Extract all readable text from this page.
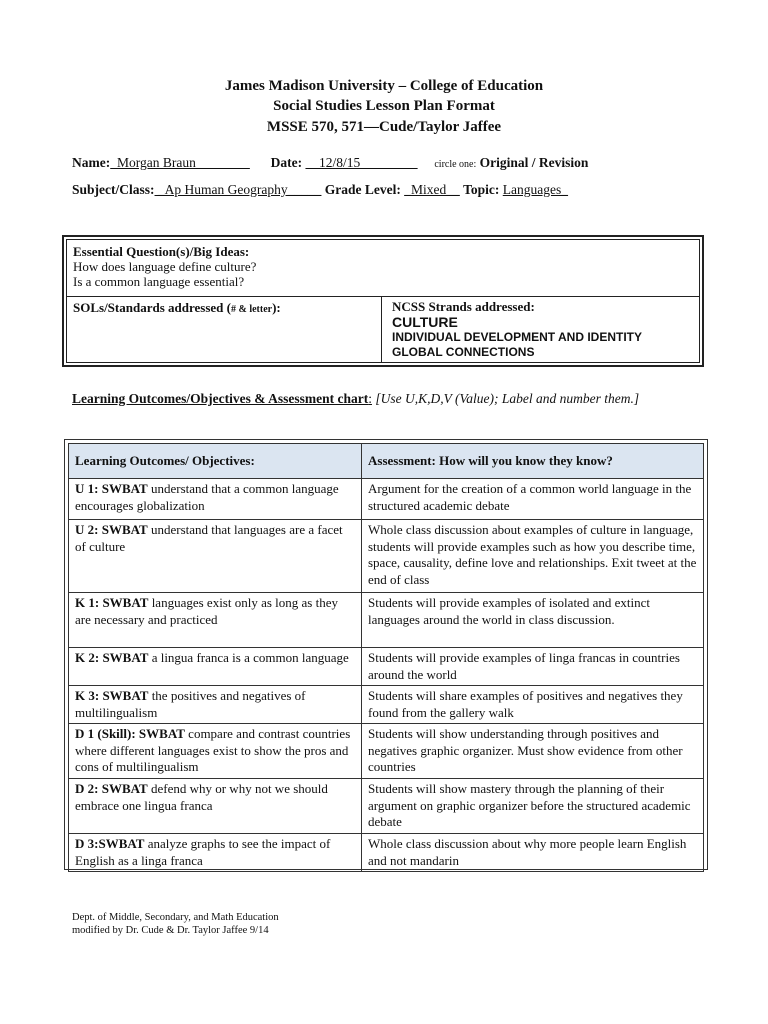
James Madison University – College of Education
Social Studies Lesson Plan Format
MSSE 570, 571—Cude/Taylor Jaffee
Name:  Morgan Braun                  Date:     12/8/15                   circle one: Original / Revision
Subject/Class: _Ap Human Geography_____ Grade Level: _Mixed__ Topic: Languages_
Essential Question(s)/Big Ideas:
How does language define culture?
Is a common language essential?
SOLs/Standards addressed (# & letter):	NCSS Strands addressed:
CULTURE
INDIVIDUAL DEVELOPMENT AND IDENTITY
GLOBAL CONNECTIONS
Learning Outcomes/Objectives & Assessment chart: [Use U,K,D,V (Value); Label and number them.]
Learning Outcomes/ Objectives:	Assessment: How will you know they know?
U 1: SWBAT understand that a common language encourages globalization	Argument for the creation of a common world language in the structured academic debate
U 2: SWBAT understand that languages are a facet of culture	Whole class discussion about examples of culture in language, students will provide examples such as how you describe time, space, causality, define love and relationships. Exit tweet at the end of class
K 1: SWBAT languages exist only as long as they are necessary and practiced	Students will provide examples of isolated and extinct languages around the world in class discussion.
K 2: SWBAT a lingua franca is a common language	Students will provide examples of linga francas in countries around the world
K 3: SWBAT the positives and negatives of multilingualism	Students will share examples of positives and negatives they found from the gallery walk
D 1 (Skill): SWBAT compare and contrast countries where different languages exist to show the pros and cons of multilingualism	Students will show understanding through positives and negatives graphic organizer. Must show evidence from other countries
D 2: SWBAT defend why or why not we should embrace one lingua franca	Students will show mastery through the planning of their argument on graphic organizer before the structured academic debate
D 3:SWBAT analyze graphs to see the impact of English as a linga franca	Whole class discussion about why more people learn English and not mandarin
Dept. of Middle, Secondary, and Math Education
modified by Dr. Cude & Dr. Taylor Jaffee 9/14
